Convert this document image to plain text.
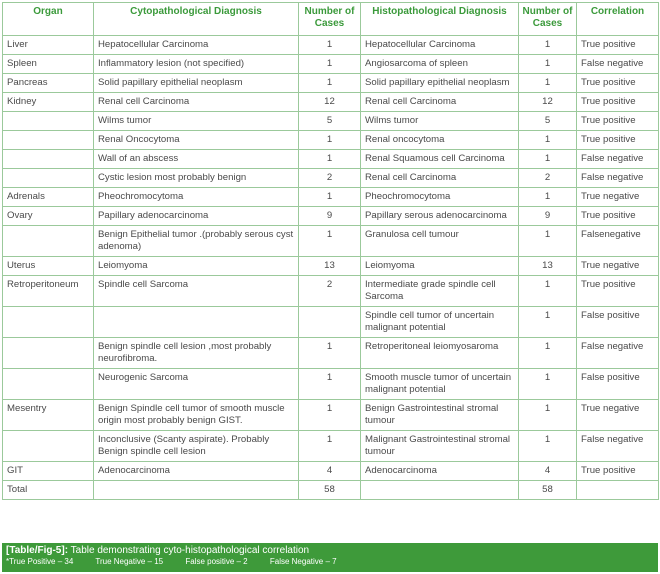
Organ	Cytopathological Diagnosis	Number of Cases	Histopathological Diagnosis	Number of Cases	Correlation
Liver	Hepatocellular Carcinoma	1	Hepatocellular Carcinoma	1	True positive
Spleen	Inflammatory lesion (not specified)	1	Angiosarcoma of spleen	1	False negative
Pancreas	Solid papillary epithelial neoplasm	1	Solid papillary epithelial neoplasm	1	True positive
Kidney	Renal cell Carcinoma	12	Renal cell Carcinoma	12	True positive
	Wilms tumor	5	Wilms tumor	5	True positive
	Renal Oncocytoma	1	Renal oncocytoma	1	True positive
	Wall of an abscess	1	Renal Squamous cell Carcinoma	1	False negative
	Cystic lesion most probably benign	2	Renal cell Carcinoma	2	False negative
Adrenals	Pheochromocytoma	1	Pheochromocytoma	1	True negative
Ovary	Papillary adenocarcinoma	9	Papillary serous adenocarcinoma	9	True positive
	Benign Epithelial tumor .(probably serous cyst adenoma)	1	Granulosa cell tumour	1	Falsenegative
Uterus	Leiomyoma	13	Leiomyoma	13	True negative
Retroperitoneum	Spindle cell Sarcoma	2	Intermediate grade spindle cell Sarcoma	1	True positive
			Spindle cell tumor of uncertain malignant potential	1	False positive
	Benign spindle cell lesion ,most probably neurofibroma.	1	Retroperitoneal leiomyosaroma	1	False negative
	Neurogenic Sarcoma	1	Smooth muscle tumor of uncertain malignant potential	1	False positive
Mesentry	Benign Spindle cell tumor of smooth muscle origin most probably benign GIST.	1	Benign Gastrointestinal stromal tumour	1	True negative
	Inconclusive (Scanty aspirate). Probably Benign spindle cell lesion	1	Malignant Gastrointestinal stromal tumour	1	False negative
GIT	Adenocarcinoma	4	Adenocarcinoma	4	True positive
Total		58		58	
[Table/Fig-5]: Table demonstrating cyto-histopathological correlation
*True Positive – 34	True Negative – 15	False positive – 2	False Negative – 7
